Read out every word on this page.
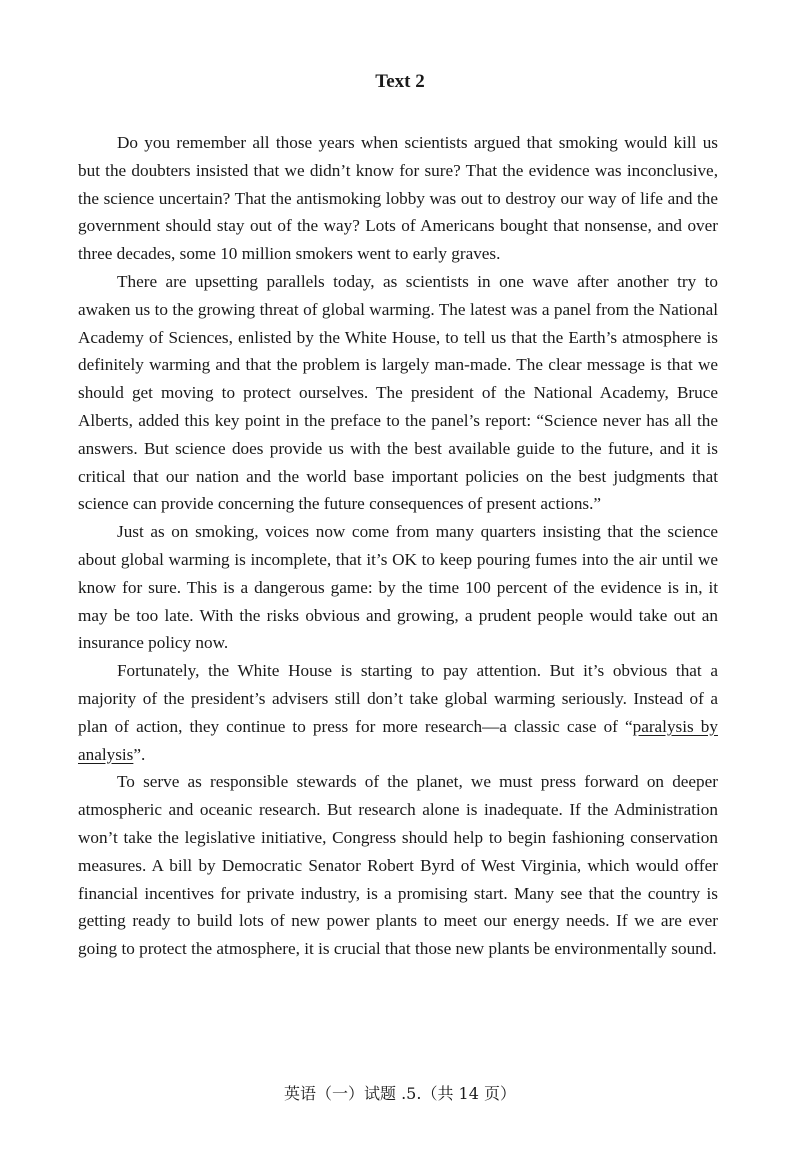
Text 2

Do you remember all those years when scientists argued that smoking would kill us but the doubters insisted that we didn’t know for sure? That the evidence was inconclusive, the science uncertain? That the antismoking lobby was out to destroy our way of life and the government should stay out of the way? Lots of Americans bought that nonsense, and over three decades, some 10 million smokers went to early graves.

There are upsetting parallels today, as scientists in one wave after another try to awaken us to the growing threat of global warming. The latest was a panel from the National Academy of Sciences, enlisted by the White House, to tell us that the Earth’s atmosphere is definitely warming and that the problem is largely man-made. The clear message is that we should get moving to protect ourselves. The president of the National Academy, Bruce Alberts, added this key point in the preface to the panel’s report: “Science never has all the answers. But science does provide us with the best available guide to the future, and it is critical that our nation and the world base important policies on the best judgments that science can provide concerning the future consequences of present actions.”

Just as on smoking, voices now come from many quarters insisting that the science about global warming is incomplete, that it’s OK to keep pouring fumes into the air until we know for sure. This is a dangerous game: by the time 100 percent of the evidence is in, it may be too late. With the risks obvious and growing, a prudent people would take out an insurance policy now.

Fortunately, the White House is starting to pay attention. But it’s obvious that a majority of the president’s advisers still don’t take global warming seriously. Instead of a plan of action, they continue to press for more research—a classic case of “paralysis by analysis”.

To serve as responsible stewards of the planet, we must press forward on deeper atmospheric and oceanic research. But research alone is inadequate. If the Administration won’t take the legislative initiative, Congress should help to begin fashioning conservation measures. A bill by Democratic Senator Robert Byrd of West Virginia, which would offer financial incentives for private industry, is a promising start. Many see that the country is getting ready to build lots of new power plants to meet our energy needs. If we are ever going to protect the atmosphere, it is crucial that those new plants be environmentally sound.

英语（一）试题 .5.（共 14 页）
